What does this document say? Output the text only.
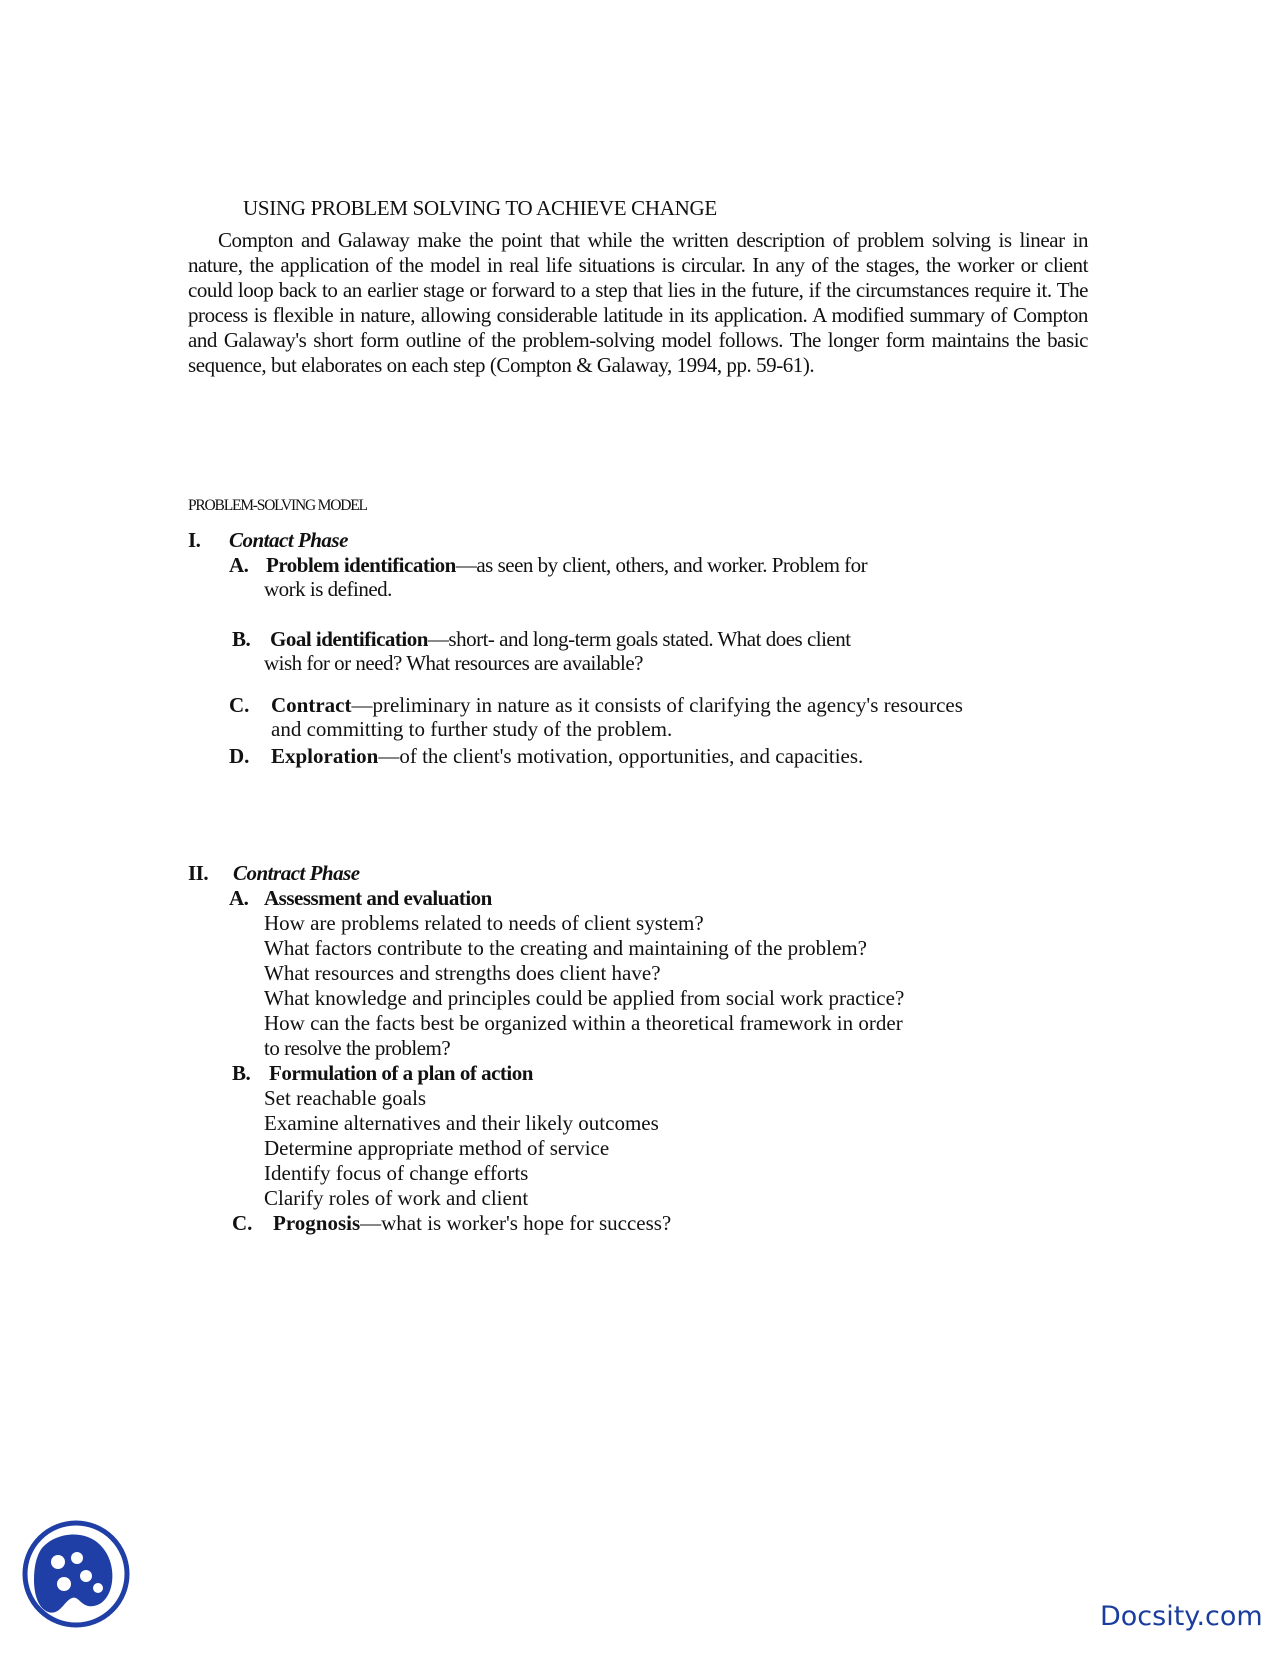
USING PROBLEM SOLVING TO ACHIEVE CHANGE

Compton and Galaway make the point that while the written description of problem solving is linear in nature, the application of the model in real life situations is circular. In any of the stages, the worker or client could loop back to an earlier stage or forward to a step that lies in the future, if the circumstances require it. The process is flexible in nature, allowing considerable latitude in its application. A modified summary of Compton and Galaway's short form outline of the problem-solving model follows. The longer form maintains the basic sequence, but elaborates on each step (Compton & Galaway, 1994, pp. 59-61).

PROBLEM-SOLVING MODEL
I. Contact Phase
A. Problem identification—as seen by client, others, and worker. Problem for
work is defined.
B. Goal identification—short- and long-term goals stated. What does client
wish for or need? What resources are available?
C. Contract—preliminary in nature as it consists of clarifying the agency's resources
and committing to further study of the problem.
D. Exploration—of the client's motivation, opportunities, and capacities.
II. Contract Phase
A. Assessment and evaluation
How are problems related to needs of client system?
What factors contribute to the creating and maintaining of the problem?
What resources and strengths does client have?
What knowledge and principles could be applied from social work practice?
How can the facts best be organized within a theoretical framework in order
to resolve the problem?
B. Formulation of a plan of action
Set reachable goals
Examine alternatives and their likely outcomes
Determine appropriate method of service
Identify focus of change efforts
Clarify roles of work and client
C. Prognosis—what is worker's hope for success?
Docsity.com
